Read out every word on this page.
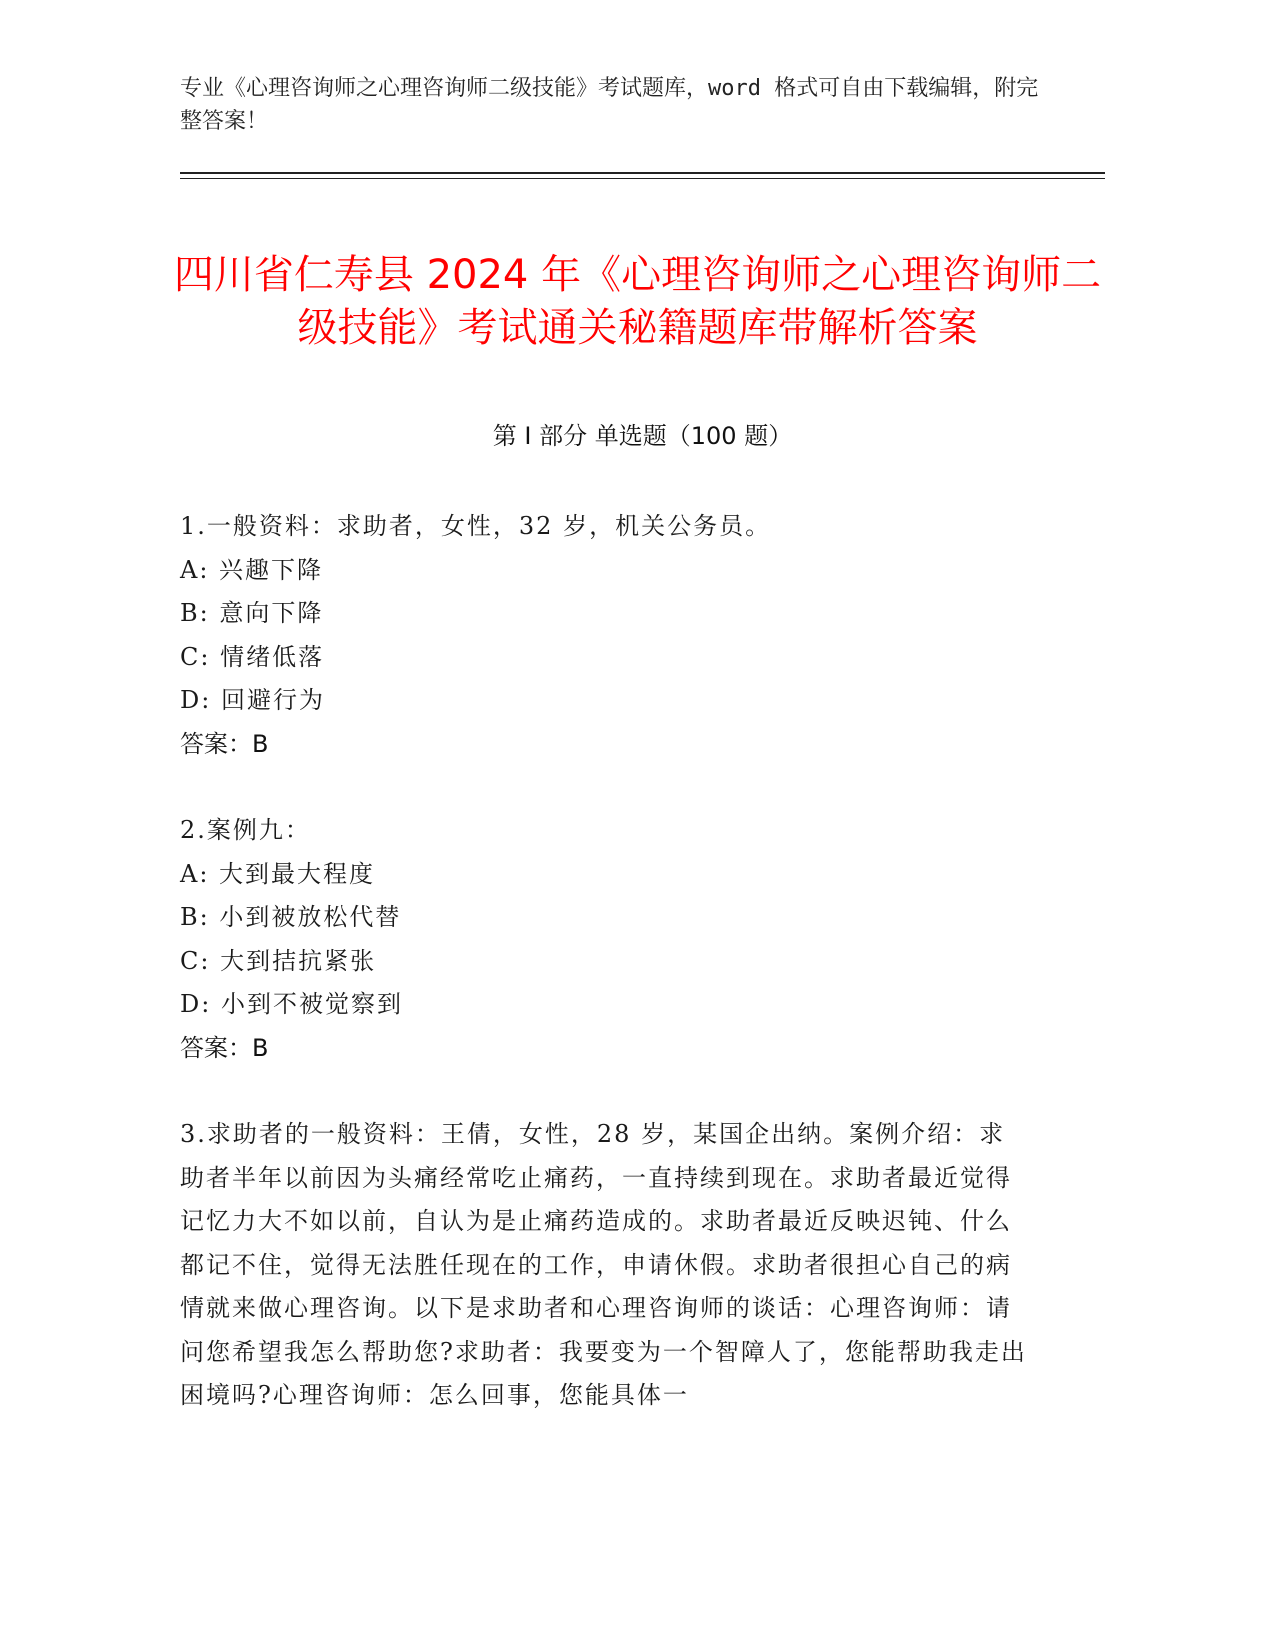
专业《心理咨询师之心理咨询师二级技能》考试题库，word 格式可自由下载编辑，附完整答案！
四川省仁寿县 2024 年《心理咨询师之心理咨询师二级技能》考试通关秘籍题库带解析答案
第 I 部分 单选题（100 题）
1.一般资料：求助者，女性，32 岁，机关公务员。
A: 兴趣下降
B: 意向下降
C: 情绪低落
D: 回避行为
答案：B
2.案例九：
A: 大到最大程度
B: 小到被放松代替
C: 大到拮抗紧张
D: 小到不被觉察到
答案：B
3.求助者的一般资料：王倩，女性，28 岁，某国企出纳。案例介绍：求助者半年以前因为头痛经常吃止痛药，一直持续到现在。求助者最近觉得记忆力大不如以前，自认为是止痛药造成的。求助者最近反映迟钝、什么都记不住，觉得无法胜任现在的工作，申请休假。求助者很担心自己的病情就来做心理咨询。以下是求助者和心理咨询师的谈话：心理咨询师：请问您希望我怎么帮助您?求助者：我要变为一个智障人了，您能帮助我走出困境吗?心理咨询师：怎么回事，您能具体一
